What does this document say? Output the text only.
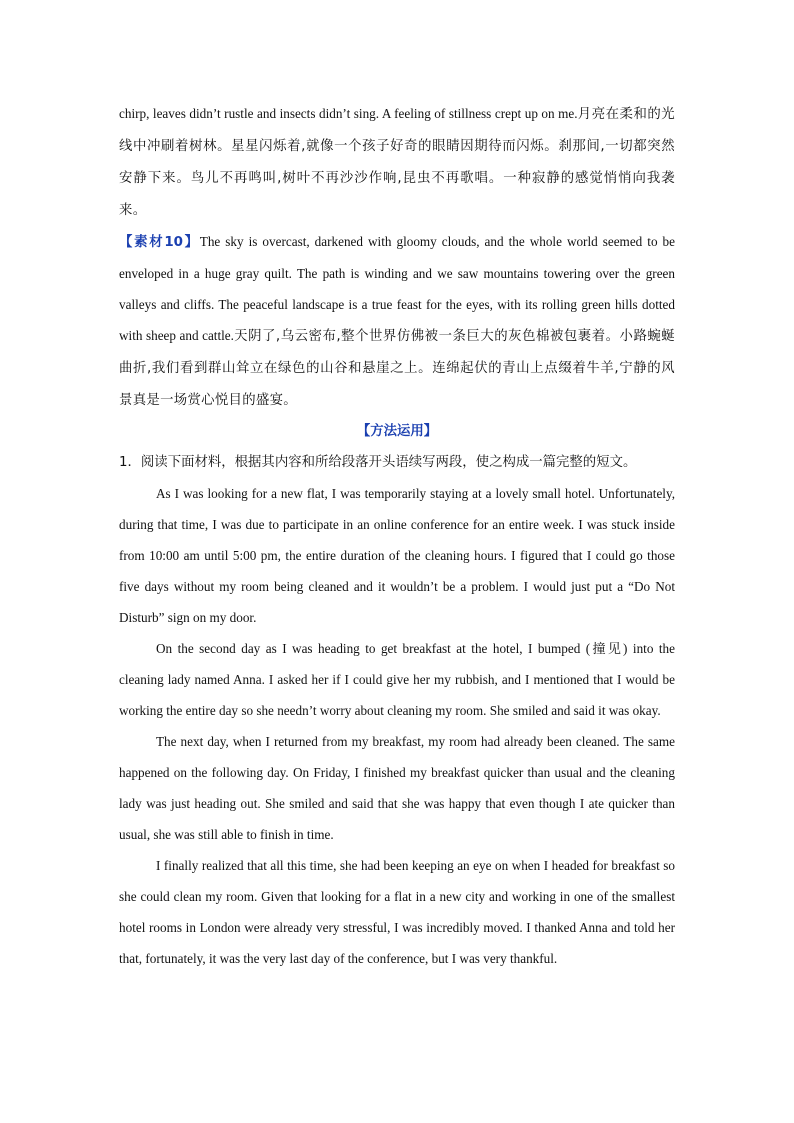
chirp, leaves didn’t rustle and insects didn’t sing. A feeling of stillness crept up on me.月亮在柔和的光线中冲刷着树林。星星闪烁着,就像一个孩子好奇的眼睛因期待而闪烁。刹那间,一切都突然安静下来。鸟儿不再鸣叫,树叶不再沙沙作响,昆虫不再歌唱。一种寂静的感觉悄悄向我袭来。

【素材10】The sky is overcast, darkened with gloomy clouds, and the whole world seemed to be enveloped in a huge gray quilt. The path is winding and we saw mountains towering over the green valleys and cliffs. The peaceful landscape is a true feast for the eyes, with its rolling green hills dotted with sheep and cattle.天阴了,乌云密布,整个世界仿佛被一条巨大的灰色棉被包裹着。小路蜿蜒曲折,我们看到群山耸立在绿色的山谷和悬崖之上。连绵起伏的青山上点缀着牛羊,宁静的风景真是一场赏心悦目的盛宴。

【方法运用】

1．阅读下面材料，根据其内容和所给段落开头语续写两段，使之构成一篇完整的短文。

As I was looking for a new flat, I was temporarily staying at a lovely small hotel. Unfortunately, during that time, I was due to participate in an online conference for an entire week. I was stuck inside from 10:00 am until 5:00 pm, the entire duration of the cleaning hours. I figured that I could go those five days without my room being cleaned and it wouldn’t be a problem. I would just put a “Do Not Disturb” sign on my door.

On the second day as I was heading to get breakfast at the hotel, I bumped (撞见) into the cleaning lady named Anna. I asked her if I could give her my rubbish, and I mentioned that I would be working the entire day so she needn’t worry about cleaning my room. She smiled and said it was okay.

The next day, when I returned from my breakfast, my room had already been cleaned. The same happened on the following day. On Friday, I finished my breakfast quicker than usual and the cleaning lady was just heading out. She smiled and said that she was happy that even though I ate quicker than usual, she was still able to finish in time.

I finally realized that all this time, she had been keeping an eye on when I headed for breakfast so she could clean my room. Given that looking for a flat in a new city and working in one of the smallest hotel rooms in London were already very stressful, I was incredibly moved. I thanked Anna and told her that, fortunately, it was the very last day of the conference, but I was very thankful.
